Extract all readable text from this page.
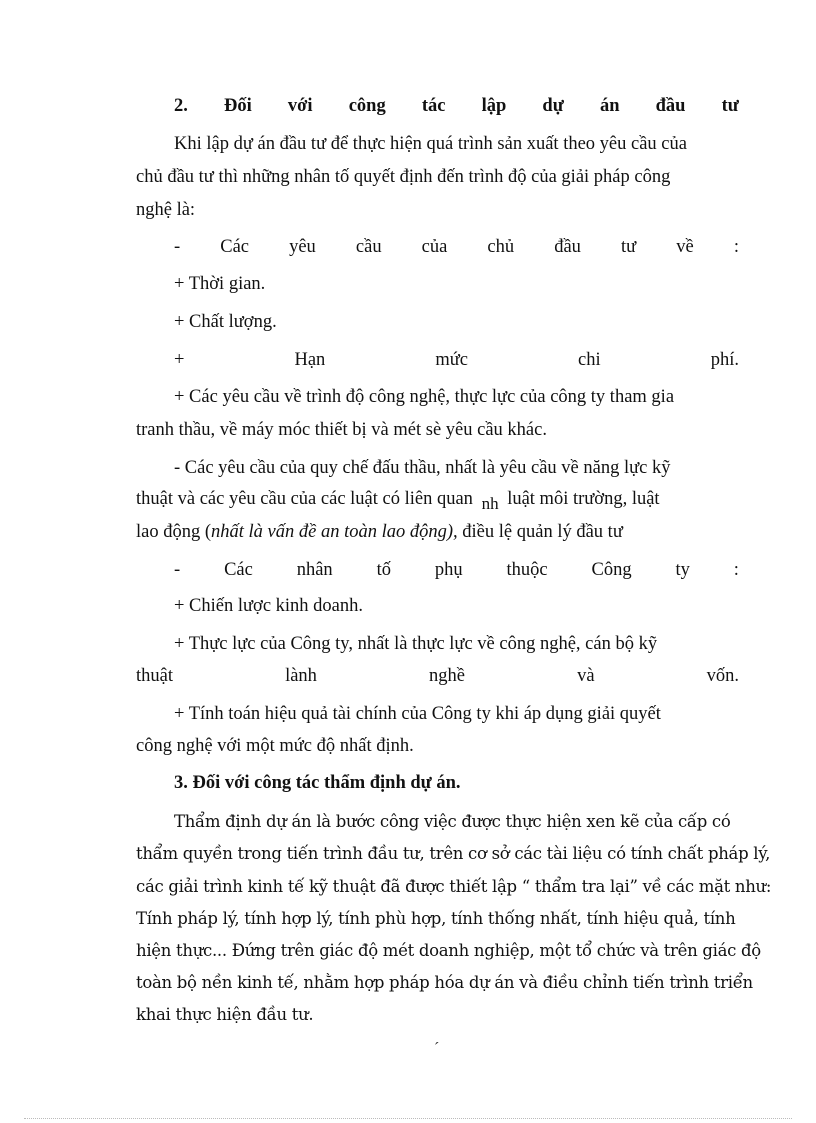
2. Đối với công tác lập dự án đầu tư
Khi lập dự án đầu tư để thực hiện quá trình sản xuất theo yêu cầu của
chủ đầu tư thì những nhân tố quyết định đến trình độ của giải pháp công
nghệ là:
- Các yêu cầu của chủ đầu tư về :
+ Thời gian.
+ Chất lượng.
+	Hạn	mức	chi	phí.
+ Các yêu cầu về trình độ công nghệ, thực lực của công ty tham gia
tranh thầu, về máy móc thiết bị và mét sè yêu cầu khác.
- Các yêu cầu của quy chế đấu thầu, nhất là yêu cầu về năng lực kỹ
thuật và các yêu cầu của các luật có liên quan nh luật môi trường, luật
lao động (nhất là vấn đề an toàn lao động), điều lệ quản lý đầu tư
- Các nhân tố phụ thuộc Công ty :
+ Chiến lược kinh doanh.
+ Thực lực của Công ty, nhất là thực lực về công nghệ, cán bộ kỹ
thuật	lành	nghề	và	vốn.
+ Tính toán hiệu quả tài chính của Công ty khi áp dụng giải quyết
công nghệ với một mức độ nhất định.
3. Đối với công tác thẩm định dự án.
Thẩm định dự án là bước công việc được thực hiện xen kẽ của cấp có
thẩm quyền trong tiến trình đầu tư, trên cơ sở các tài liệu có tính chất pháp lý,
các giải trình kinh tế kỹ thuật đã được thiết lập “ thẩm tra lại” về các mặt như:
Tính pháp lý, tính hợp lý, tính phù hợp, tính thống nhất, tính hiệu quả, tính
hiện thực... Đứng trên giác độ mét doanh nghiệp, một tổ chức và trên giác độ
toàn bộ nền kinh tế, nhằm hợp pháp hóa dự án và điều chỉnh tiến trình triển
khai thực hiện đầu tư.
´
